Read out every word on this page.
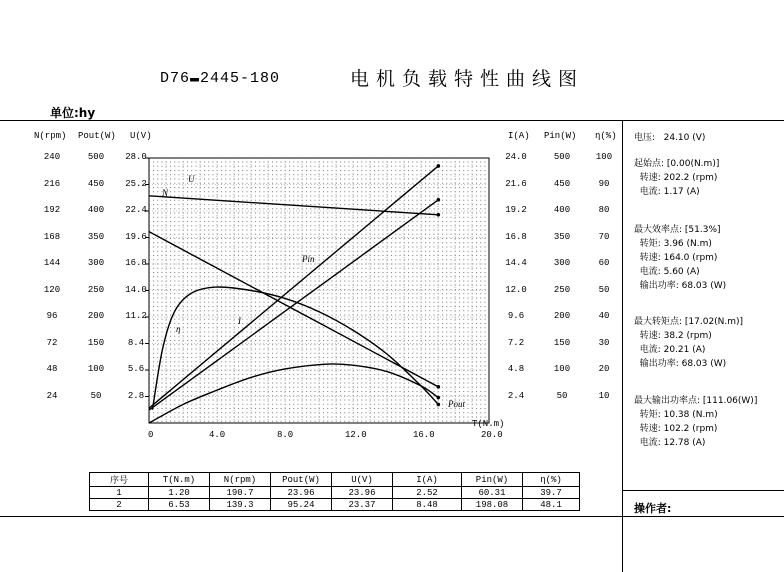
D76▬2445-180	电机负载特性曲线图
单位:hy
N(rpm) Pout(W) U(V)	I(A) Pin(W) η(%)
240
216
192
168
144
120
96
72
48
24
500
450
400
350
300
250
200
150
100
50
28.0
25.2
22.4
19.6
16.8
14.0
11.2
8.4
5.6
2.8
24.0
21.6
19.2
16.8
14.4
12.0
9.6
7.2
4.8
2.4
500
450
400
350
300
250
200
150
100
50
100
90
80
70
60
50
40
30
20
10
U
N
I
Pin
η
Pout
0	4.0	8.0	12.0	16.0	20.0
T(N.m)
电压:   24.10 (V)
起始点: [0.00(N.m)]
转速: 202.2 (rpm)
电流: 1.17 (A)
最大效率点: [51.3%]
转矩: 3.96 (N.m)
转速: 164.0 (rpm)
电流: 5.60 (A)
输出功率: 68.03 (W)
最大转矩点: [17.02(N.m)]
转速: 38.2 (rpm)
电流: 20.21 (A)
输出功率: 68.03 (W)
最大输出功率点: [111.06(W)]
转矩: 10.38 (N.m)
转速: 102.2 (rpm)
电流: 12.78 (A)
操作者:
序号	T(N.m)	N(rpm)	Pout(W)	U(V)	I(A)	Pin(W)	η(%)
1	1.20	190.7	23.96	23.96	2.52	60.31	39.7
2	6.53	139.3	95.24	23.37	8.48	198.08	48.1
